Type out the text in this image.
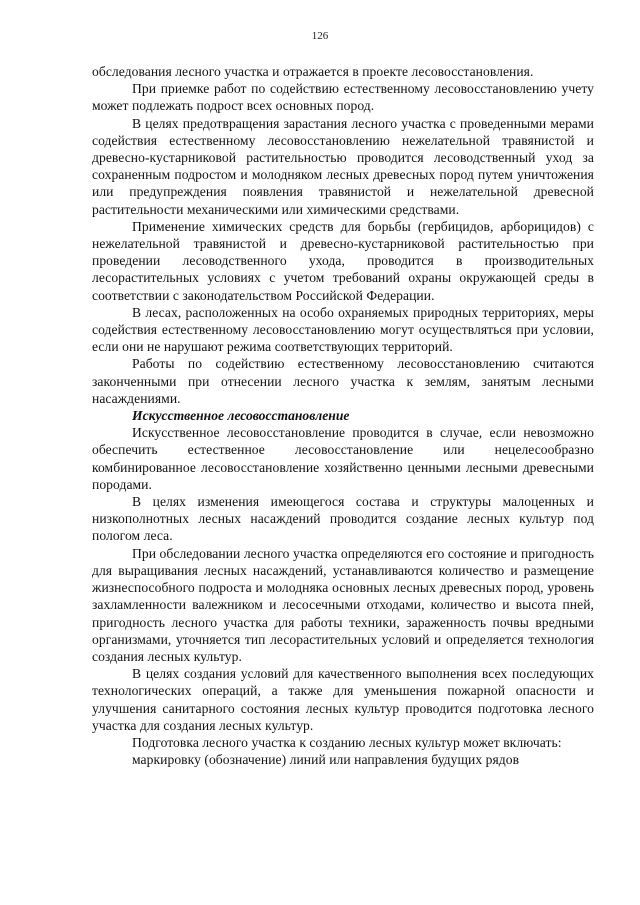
126

обследования лесного участка и отражается в проекте лесовосстановления.

При приемке работ по содействию естественному лесовосстановлению учету может подлежать подрост всех основных пород.

В целях предотвращения зарастания лесного участка с проведенными мерами содействия естественному лесовосстановлению нежелательной травянистой и древесно-кустарниковой растительностью проводится лесоводственный уход за сохраненным подростом и молодняком лесных древесных пород путем уничтожения или предупреждения появления травянистой и нежелательной древесной растительности механическими или химическими средствами.

Применение химических средств для борьбы (гербицидов, арборицидов) с нежелательной травянистой и древесно-кустарниковой растительностью при проведении лесоводственного ухода, проводится в производительных лесорастительных условиях с учетом требований охраны окружающей среды в соответствии с законодательством Российской Федерации.

В лесах, расположенных на особо охраняемых природных территориях, меры содействия естественному лесовосстановлению могут осуществляться при условии, если они не нарушают режима соответствующих территорий.

Работы по содействию естественному лесовосстановлению считаются законченными при отнесении лесного участка к землям, занятым лесными насаждениями.

Искусственное лесовосстановление

Искусственное лесовосстановление проводится в случае, если невозможно обеспечить естественное лесовосстановление или нецелесообразно комбинированное лесовосстановление хозяйственно ценными лесными древесными породами.

В целях изменения имеющегося состава и структуры малоценных и низкополнотных лесных насаждений проводится создание лесных культур под пологом леса.

При обследовании лесного участка определяются его состояние и пригодность для выращивания лесных насаждений, устанавливаются количество и размещение жизнеспособного подроста и молодняка основных лесных древесных пород, уровень захламленности валежником и лесосечными отходами, количество и высота пней, пригодность лесного участка для работы техники, зараженность почвы вредными организмами, уточняется тип лесорастительных условий и определяется технология создания лесных культур.

В целях создания условий для качественного выполнения всех последующих технологических операций, а также для уменьшения пожарной опасности и улучшения санитарного состояния лесных культур проводится подготовка лесного участка для создания лесных культур.

Подготовка лесного участка к созданию лесных культур может включать:

маркировку (обозначение) линий или направления будущих рядов
